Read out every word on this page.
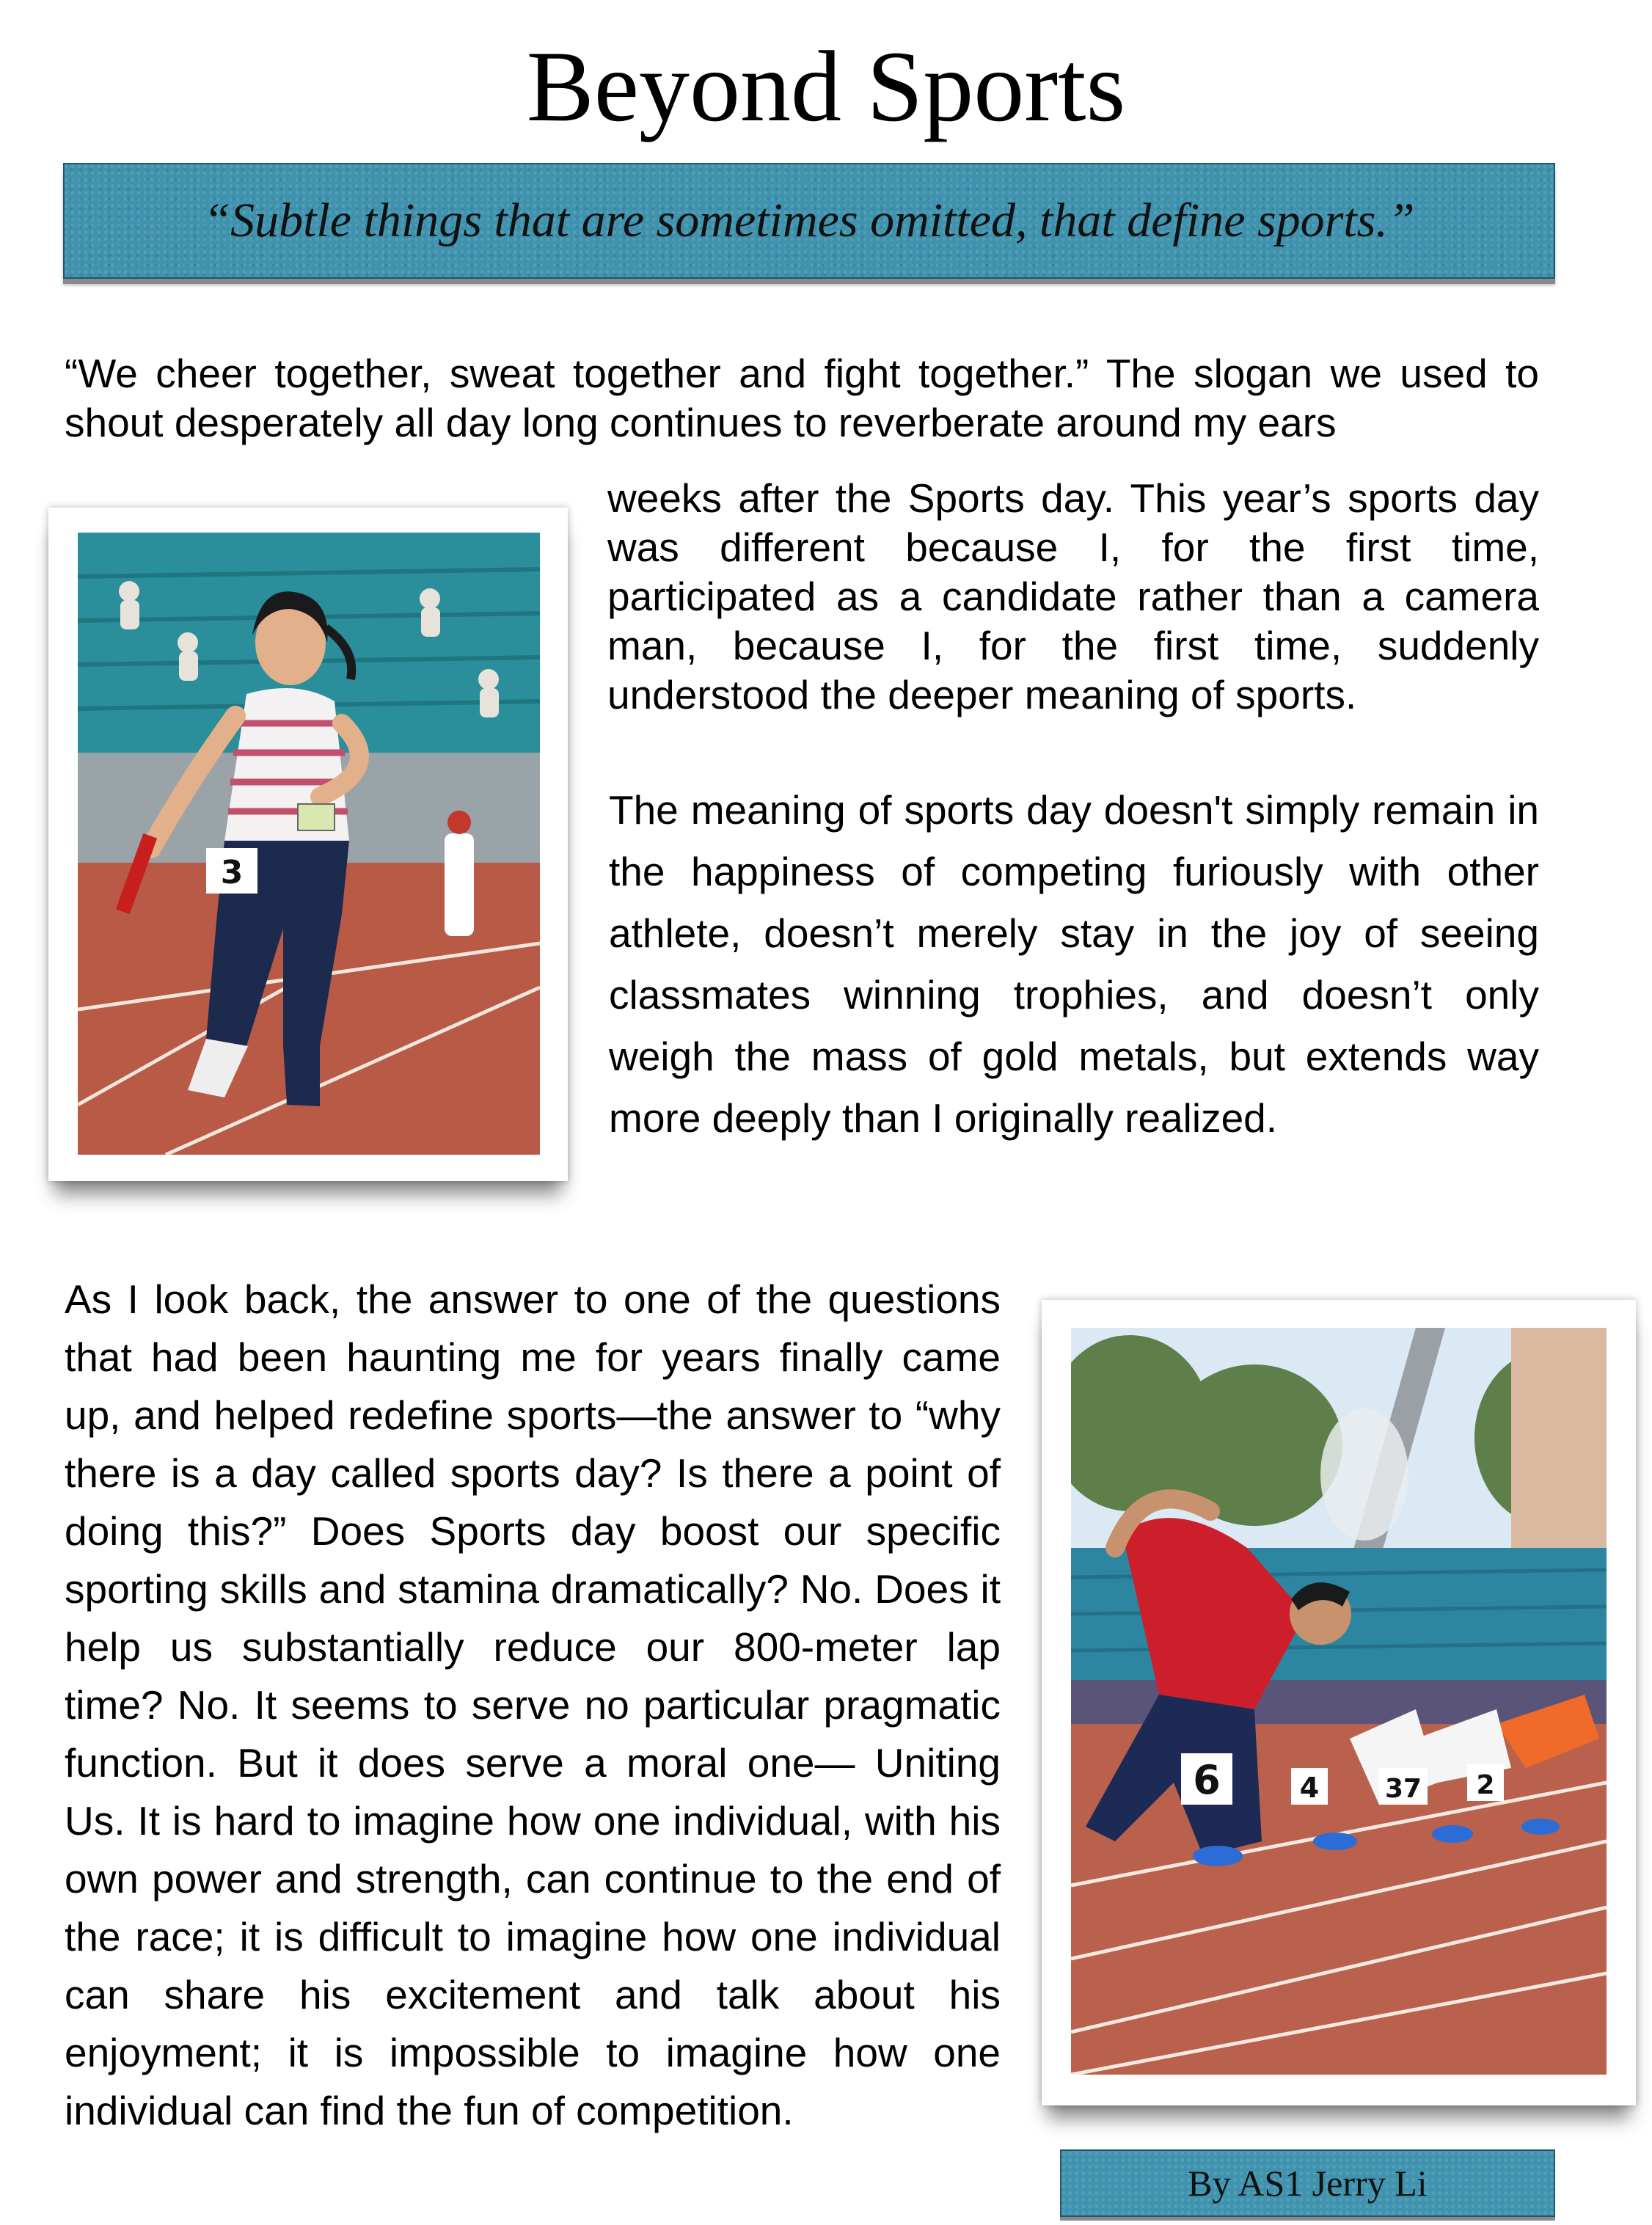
Beyond Sports
“Subtle things that are sometimes omitted, that define sports.”

“We cheer together, sweat together and fight together.” The slogan we used to shout desperately all day long continues to reverberate around my ears

weeks after the Sports day. This year’s sports day was different because I, for the first time, participated as a candidate rather than a camera man, because I, for the first time, suddenly understood the deeper meaning of sports.

The meaning of sports day doesn't simply remain in the happiness of competing furiously with other athlete, doesn’t merely stay in the joy of seeing classmates winning trophies, and doesn’t only weigh the mass of gold metals, but extends way more deeply than I originally realized.

As I look back, the answer to one of the questions that had been haunting me for years finally came up, and helped redefine sports—the answer to “why there is a day called sports day? Is there a point of doing this?” Does Sports day boost our specific sporting skills and stamina dramatically? No. Does it help us substantially reduce our 800-meter lap time? No. It seems to serve no particular pragmatic function. But it does serve a moral one— Uniting Us. It is hard to imagine how one individual, with his own power and strength, can continue to the end of the race; it is difficult to imagine how one individual can share his excitement and talk about his enjoyment; it is impossible to imagine how one individual can find the fun of competition.

3
6	4 37 2
By AS1 Jerry Li
